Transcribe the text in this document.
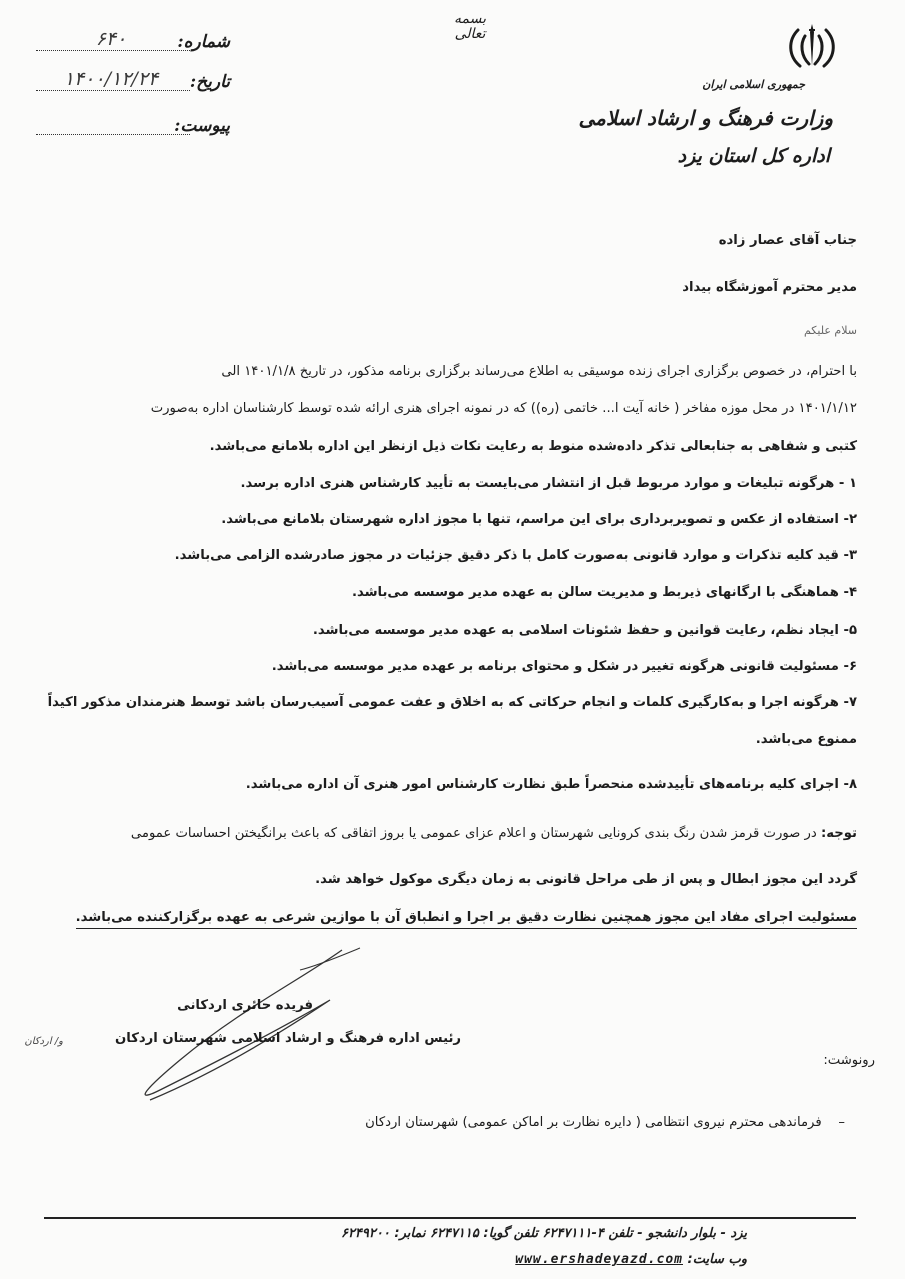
جمهوری اسلامی ایران
وزارت فرهنگ و ارشاد اسلامی
اداره کل استان یزد
بسمه تعالی
شماره:
۶۴۰
تاریخ:
۱۴۰۰/۱۲/۲۴
پیوست:
جناب آقای عصار زاده
مدیر محترم آموزشگاه بیداد
سلام علیکم
با احترام، در خصوص برگزاری اجرای زنده موسیقی به اطلاع می‌رساند برگزاری برنامه مذکور، در تاریخ ۱۴۰۱/۱/۸ الی
۱۴۰۱/۱/۱۲ در محل موزه مفاخر ( خانه آیت ا... خاتمی (ره)) که در نمونه اجرای هنری ارائه شده توسط کارشناسان اداره به‌صورت
کتبی و شفاهی به جنابعالی تذکر داده‌شده منوط به رعایت نکات ذیل ازنظر این اداره بلامانع می‌باشد.
۱ - هرگونه تبلیغات و موارد مربوط قبل از انتشار می‌بایست به تأیید کارشناس هنری اداره برسد.
۲- استفاده از عکس و تصویربرداری برای این مراسم، تنها با مجوز اداره شهرستان بلامانع می‌باشد.
۳- قید کلیه تذکرات و موارد قانونی به‌صورت کامل با ذکر دقیق جزئیات در مجوز صادرشده الزامی می‌باشد.
۴- هماهنگی با ارگانهای ذیربط و مدیریت سالن به عهده مدیر موسسه می‌باشد.
۵- ایجاد نظم، رعایت قوانین و حفظ شئونات اسلامی به عهده مدیر موسسه می‌باشد.
۶- مسئولیت قانونی هرگونه تغییر در شکل و محتوای برنامه بر عهده مدیر موسسه می‌باشد.
۷- هرگونه اجرا و به‌کارگیری کلمات و انجام حرکاتی که به اخلاق و عفت عمومی آسیب‌رسان باشد توسط هنرمندان مذکور اکیداً
ممنوع می‌باشد.
۸- اجرای کلیه برنامه‌های تأییدشده منحصراً طبق نظارت کارشناس امور هنری آن اداره می‌باشد.
توجه: در صورت قرمز شدن رنگ بندی کرونایی شهرستان و اعلام عزای عمومی یا بروز اتفاقی که باعث برانگیختن احساسات عمومی
گردد این مجوز ابطال و پس از طی مراحل قانونی به زمان دیگری موکول خواهد شد.
مسئولیت اجرای مفاد این مجوز همچنین نظارت دقیق بر اجرا و انطباق آن با موازین شرعی به عهده برگزارکننده می‌باشد.
فریده حائری اردکانی
رئیس اداره فرهنگ و ارشاد اسلامی شهرستان اردکان
و/ اردکان
رونوشت:
–    فرماندهی محترم نیروی انتظامی ( دایره نظارت بر اماکن عمومی) شهرستان اردکان
یزد - بلوار دانشجو - تلفن ۴-۶۲۴۷۱۱۱ تلفن گویا: ۶۲۴۷۱۱۵ نمابر: ۶۲۴۹۲۰۰
وب سایت: www.ershadeyazd.com
